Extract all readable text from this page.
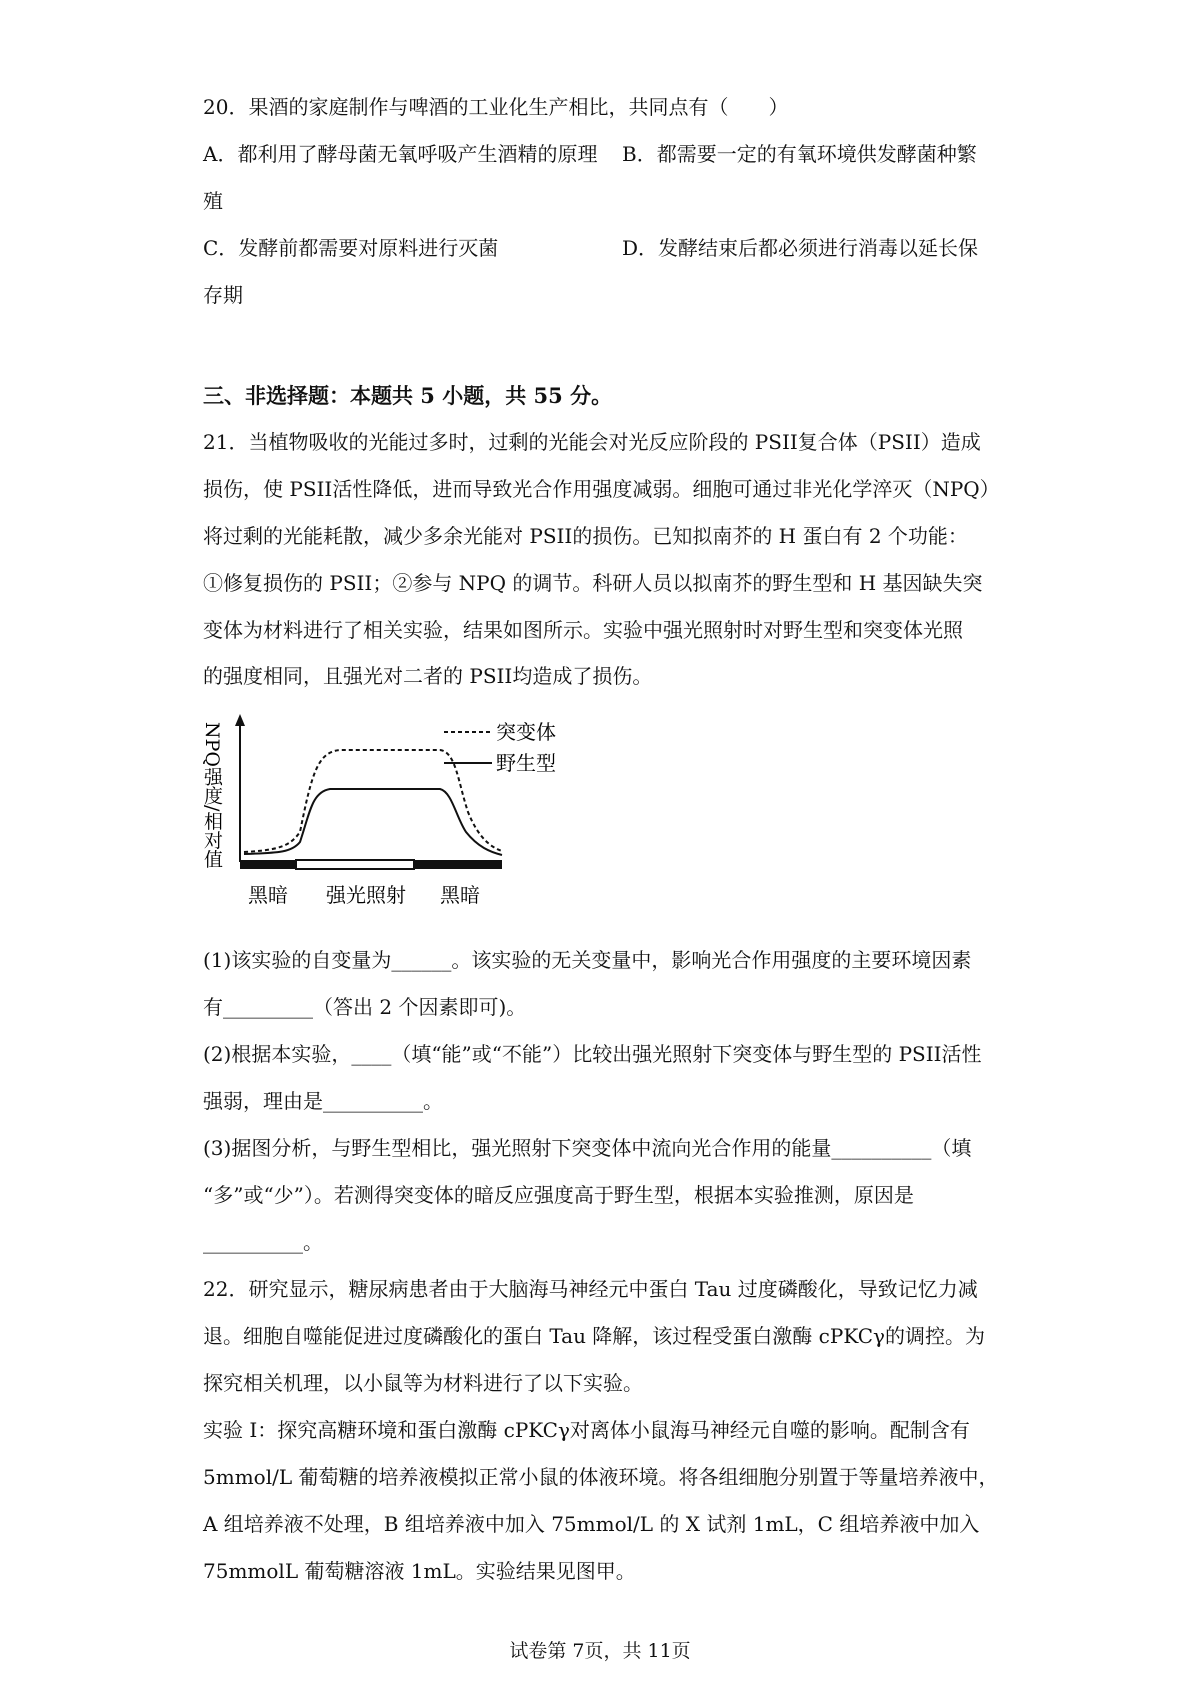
20．果酒的家庭制作与啤酒的工业化生产相比，共同点有（　　）
A．都利用了酵母菌无氧呼吸产生酒精的原理 B．都需要一定的有氧环境供发酵菌种繁
殖
C．发酵前都需要对原料进行灭菌	D．发酵结束后都必须进行消毒以延长保
存期
三、非选择题：本题共 5 小题，共 55 分。
21．当植物吸收的光能过多时，过剩的光能会对光反应阶段的 PSII复合体（PSII）造成
损伤，使 PSII活性降低，进而导致光合作用强度减弱。细胞可通过非光化学淬灭（NPQ）
将过剩的光能耗散，减少多余光能对 PSII的损伤。已知拟南芥的 H 蛋白有 2 个功能：
①修复损伤的 PSII；②参与 NPQ 的调节。科研人员以拟南芥的野生型和 H 基因缺失突
变体为材料进行了相关实验，结果如图所示。实验中强光照射时对野生型和突变体光照
的强度相同，且强光对二者的 PSII均造成了损伤。
NPQ强度/相对值	突变体
野生型
黑暗 强光照射 黑暗
(1)该实验的自变量为______。该实验的无关变量中，影响光合作用强度的主要环境因素
有_________（答出 2 个因素即可)。
(2)根据本实验，____（填“能”或“不能”）比较出强光照射下突变体与野生型的 PSII活性
强弱，理由是__________。
(3)据图分析，与野生型相比，强光照射下突变体中流向光合作用的能量__________（填
“多”或“少”）。若测得突变体的暗反应强度高于野生型，根据本实验推测，原因是
__________。
22．研究显示，糖尿病患者由于大脑海马神经元中蛋白 Tau 过度磷酸化，导致记忆力减
退。细胞自噬能促进过度磷酸化的蛋白 Tau 降解，该过程受蛋白激酶 cPKCγ的调控。为
探究相关机理，以小鼠等为材料进行了以下实验。
实验 I：探究高糖环境和蛋白激酶 cPKCγ对离体小鼠海马神经元自噬的影响。配制含有
5mmol/L 葡萄糖的培养液模拟正常小鼠的体液环境。将各组细胞分别置于等量培养液中，
A 组培养液不处理，B 组培养液中加入 75mmol/L 的 X 试剂 1mL，C 组培养液中加入
75mmolL 葡萄糖溶液 1mL。实验结果见图甲。
试卷第 7页，共 11页
